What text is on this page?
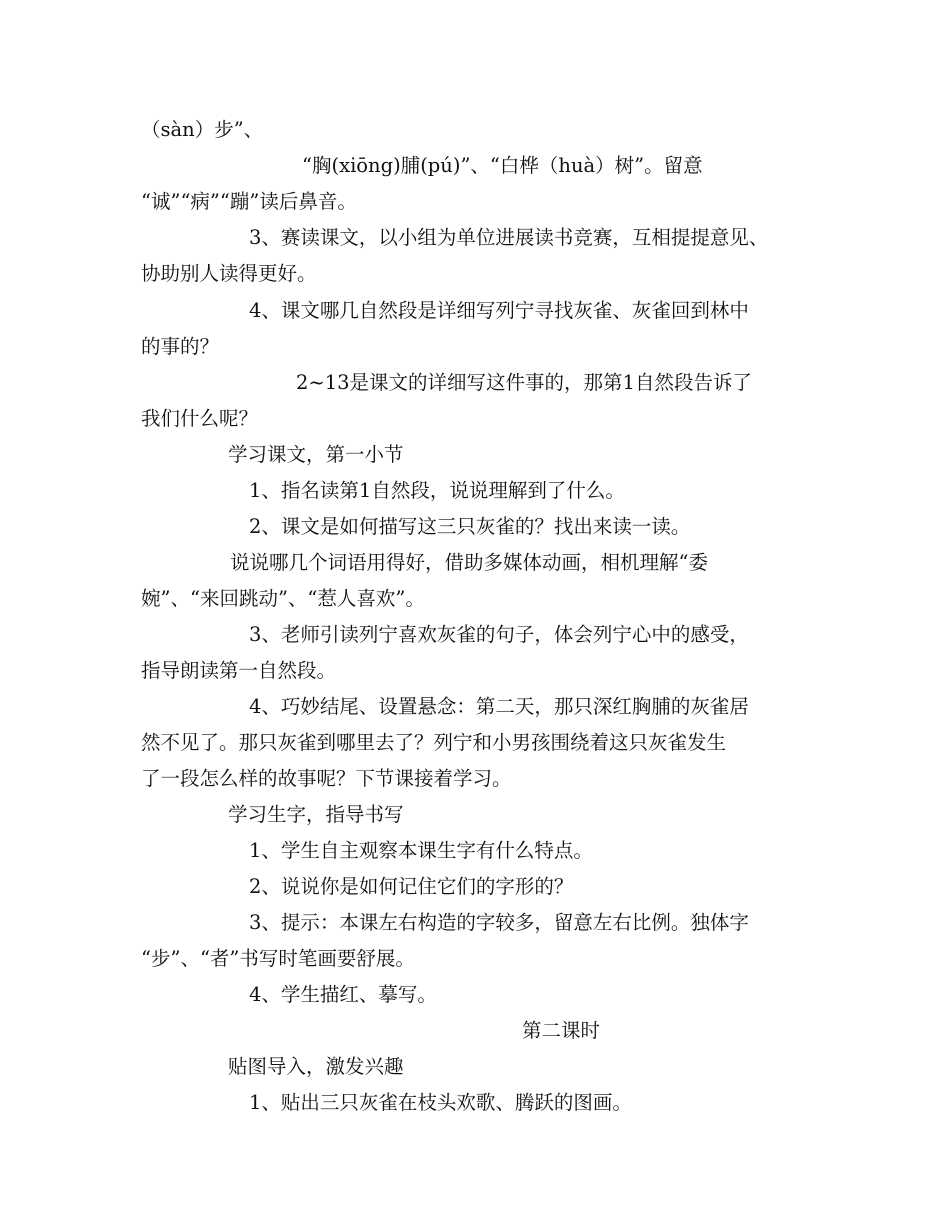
（sàn）步”、
“胸(xiōng)脯(pú)”、“白桦（huà）树”。留意
“诚”“病”“蹦”读后鼻音。
3、赛读课文，以小组为单位进展读书竞赛，互相提提意见、
协助别人读得更好。
4、课文哪几自然段是详细写列宁寻找灰雀、灰雀回到林中
的事的？
2~13是课文的详细写这件事的，那第1自然段告诉了
我们什么呢？
学习课文，第一小节
1、指名读第1自然段，说说理解到了什么。
2、课文是如何描写这三只灰雀的？找出来读一读。
说说哪几个词语用得好，借助多媒体动画，相机理解“委
婉”、“来回跳动”、“惹人喜欢”。
3、老师引读列宁喜欢灰雀的句子，体会列宁心中的感受，
指导朗读第一自然段。
4、巧妙结尾、设置悬念：第二天，那只深红胸脯的灰雀居
然不见了。那只灰雀到哪里去了？列宁和小男孩围绕着这只灰雀发生
了一段怎么样的故事呢？下节课接着学习。
学习生字，指导书写
1、学生自主观察本课生字有什么特点。
2、说说你是如何记住它们的字形的？
3、提示：本课左右构造的字较多，留意左右比例。独体字
“步”、“者”书写时笔画要舒展。
4、学生描红、摹写。
第二课时
贴图导入，激发兴趣
1、贴出三只灰雀在枝头欢歌、腾跃的图画。
